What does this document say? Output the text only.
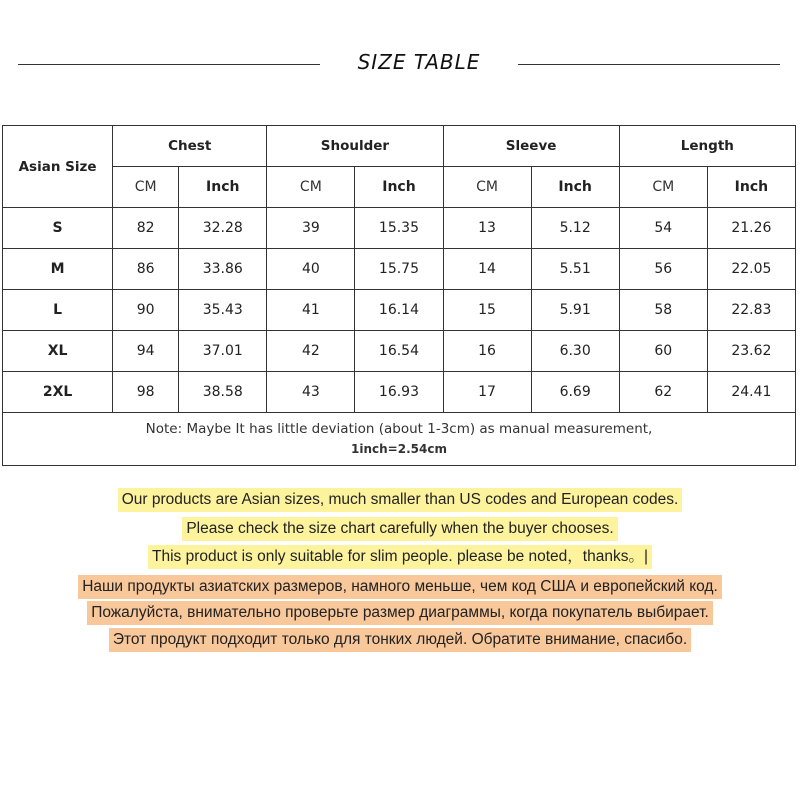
SIZE TABLE
Asian Size	Chest		Shoulder		Sleeve		Length	
	CM	Inch	CM	Inch	CM	Inch	CM	Inch
S	82	32.28	39	15.35	13	5.12	54	21.26
M	86	33.86	40	15.75	14	5.51	56	22.05
L	90	35.43	41	16.14	15	5.91	58	22.83
XL	94	37.01	42	16.54	16	6.30	60	23.62
2XL	98	38.58	43	16.93	17	6.69	62	24.41

Note: Maybe It has little deviation (about 1-3cm) as manual measurement,
1inch=2.54cm								
Our products are Asian sizes, much smaller than US codes and European codes.
Please check the size chart carefully when the buyer chooses.
This product is only suitable for slim people. please be noted，thanks。|
Наши продукты азиатских размеров, намного меньше, чем код США и европейский код.
Пожалуйста, внимательно проверьте размер диаграммы, когда покупатель выбирает.
Этот продукт подходит только для тонких людей. Обратите внимание, спасибо.
